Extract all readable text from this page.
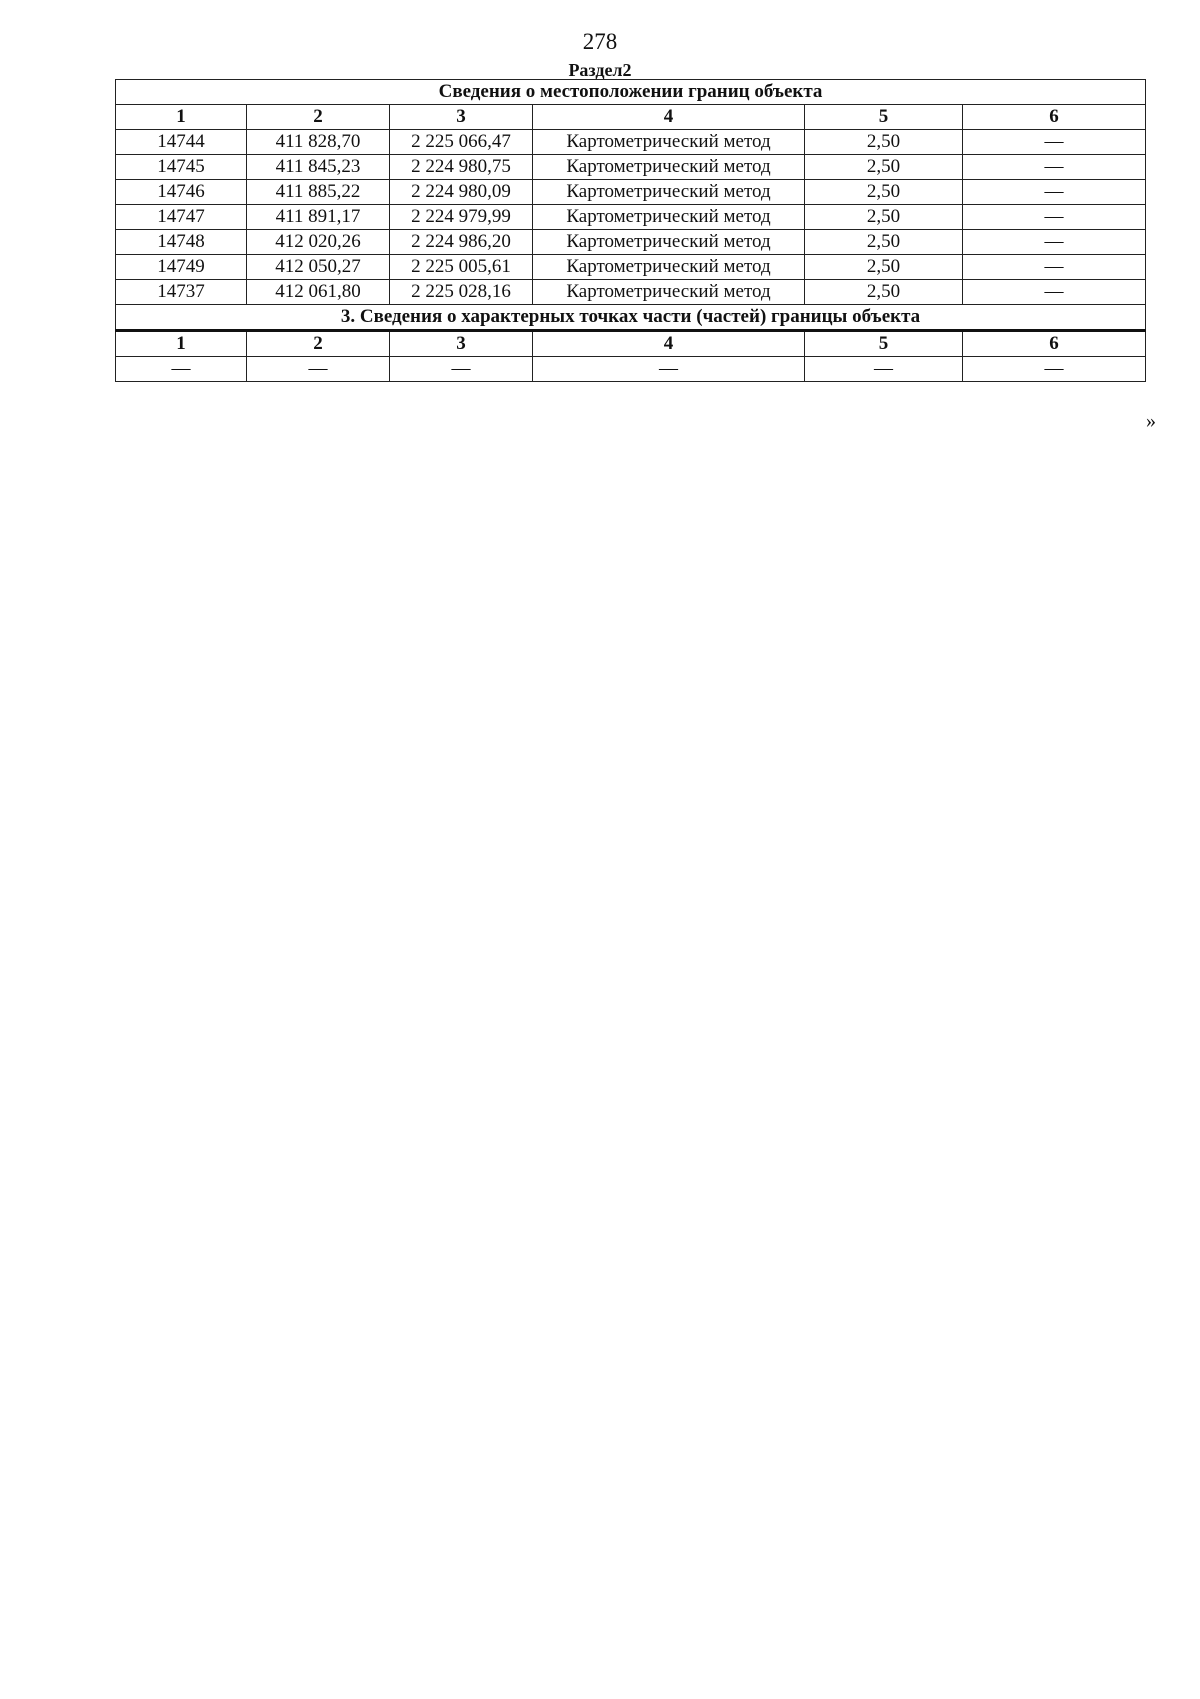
278
Раздел2
Сведения о местоположении границ объекта					
1	2	3	4	5	6
14744	411 828,70	2 225 066,47	Картометрический метод	2,50	—
14745	411 845,23	2 224 980,75	Картометрический метод	2,50	—
14746	411 885,22	2 224 980,09	Картометрический метод	2,50	—
14747	411 891,17	2 224 979,99	Картометрический метод	2,50	—
14748	412 020,26	2 224 986,20	Картометрический метод	2,50	—
14749	412 050,27	2 225 005,61	Картометрический метод	2,50	—
14737	412 061,80	2 225 028,16	Картометрический метод	2,50	—
3. Сведения о характерных точках части (частей) границы объекта					
1	2	3	4	5	6
—	—	—	—	—	—
»
